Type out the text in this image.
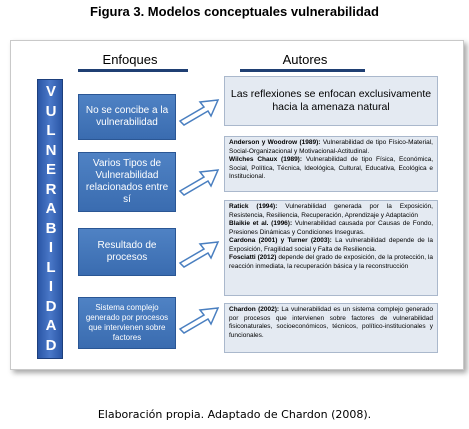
Figura 3. Modelos conceptuales vulnerabilidad
Enfoques	Autores
V
U
L
N
E
R
A
B
I
L
I
D
A
D
No se concibe a la vulnerabilidad

Las reflexiones se enfocan exclusivamente hacia la amenaza natural

Varios Tipos de Vulnerabilidad relacionados entre sí

Anderson y Woodrow (1989): Vulnerabilidad de tipo Físico-Material, Social-Organizacional y Motivacional-Actitudinal.

Wilches Chaux (1989): Vulnerabilidad de tipo Física, Económica, Social, Política, Técnica, Ideológica, Cultural, Educativa, Ecológica e Institucional.

Resultado de procesos

Ratick (1994): Vulnerabilidad generada por la Exposición, Resistencia, Resiliencia, Recuperación, Aprendizaje y Adaptación

Blaikie et al. (1996): Vulnerabilidad causada por Causas de Fondo, Presiones Dinámicas y Condiciones Inseguras.

Cardona (2001) y Turner (2003): La vulnerabilidad depende de la Exposición, Fragilidad social y Falta de Resiliencia.

Fosciatti (2012) depende del grado de exposición, de la protección, la reacción inmediata, la recuperación básica y la reconstrucción

Sistema complejo generado por procesos que intervienen sobre factores

Chardon (2002): La vulnerabilidad es un sistema complejo generado por procesos que intervienen sobre factores de vulnerabilidad fisiconaturales, socioeconómicos, técnicos, político-institucionales y funcionales.

Elaboración propia. Adaptado de Chardon (2008).
